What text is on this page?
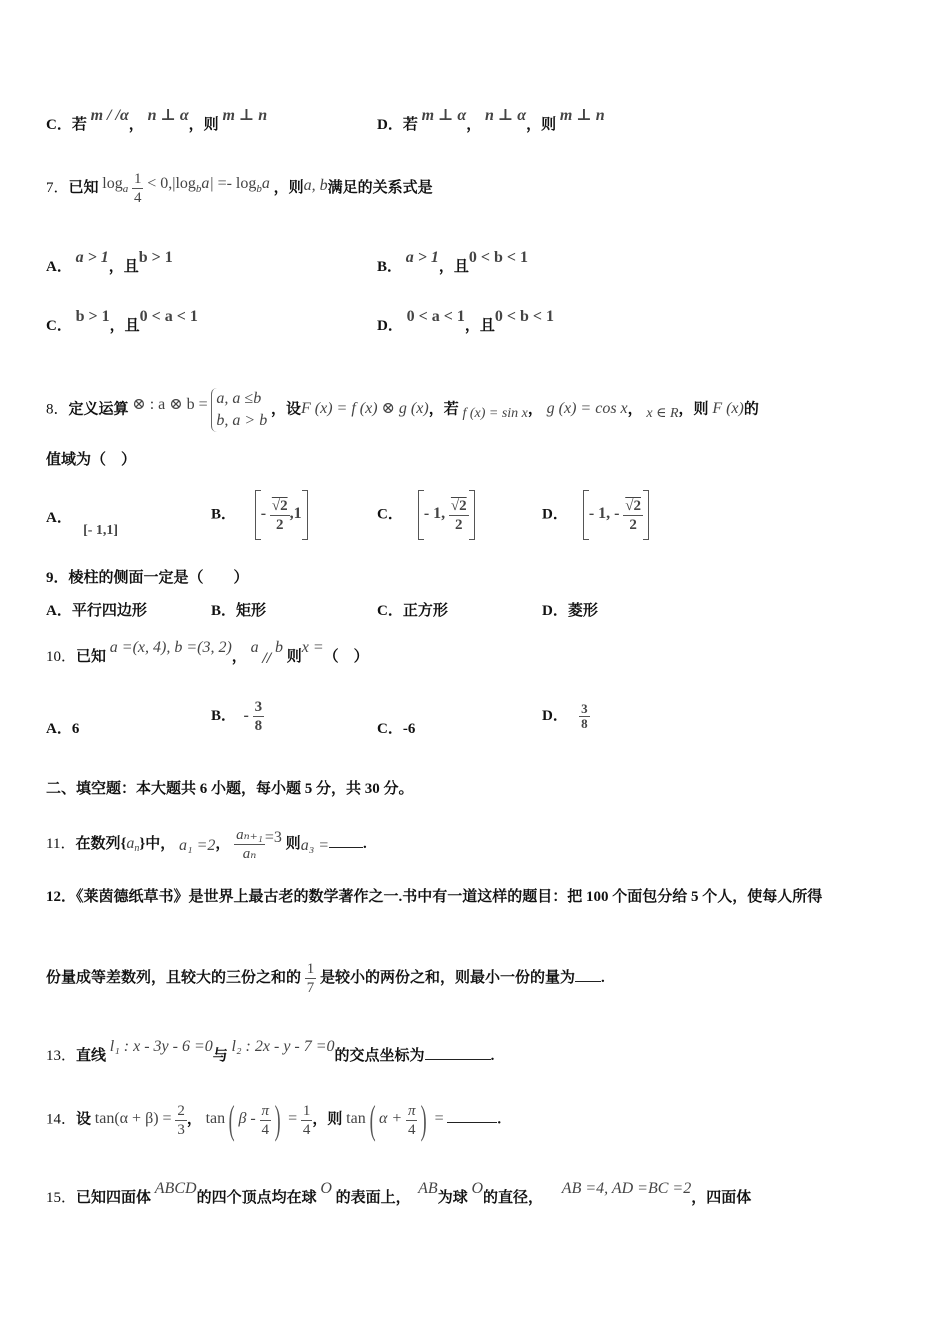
C．若 m / /α， n ⊥ α，则 m ⊥ n
D．若 m ⊥ α， n ⊥ α，则 m ⊥ n
7．已知 loga $\frac{1}{4}$ < 0,|logba| =- logba ，则a, b满足的关系式是
A． a > 1，且b > 1
B． a > 1，且0 < b < 1
C． b > 1，且0 < a < 1
D． 0 < a < 1，且0 < b < 1
8．定义运算 ⊗ : a ⊗ b = a, a ≤b
b, a > b
，设F (x) = f (x) ⊗ g (x)，若 f (x) = sin x， g (x) = cos x， x ∈ R，则 F (x)的
值域为（　）
A．   [- 1,1]
B． - $\frac{√2}{2} ,1$	C． - 1, $\frac{√2}{2}$	D． - 1, - $\frac{√2}{2}$
9．棱柱的侧面一定是（　　）
A．平行四边形	B．矩形	C．正方形	D．菱形
10．已知 a =(x, 4), b =(3, 2)， a // b 则x =（　）
A．6
B． - $\frac{3}{8}$	C．-6
D． $\frac{3}{8}$
二、填空题：本大题共 6 小题，每小题 5 分，共 30 分。
11．在数列$\{a_n\}$中， a₁ =2， $\frac{\text{aₙ₊₁}}{\text{aₙ}} =3$ 则a₃ = .
12．《莱茵德纸草书》是世界上最古老的数学著作之一.书中有一道这样的题目：把 100 个面包分给 5 个人，使每人所得
份量成等差数列，且较大的三份之和的 $\frac{1}{7}$ 是较小的两份之和，则最小一份的量为 .
13．直线 l₁ : x - 3y - 6 =0与 l₂ : 2x - y - 7 =0的交点坐标为	.
14．设 $\tan(\alpha + \beta) = \frac{2}{3}$ ， tan( β - $\frac{\pi}{4}$ ) = $\frac{1}{4}$ ，则 tan( $\alpha + \frac{\pi}{4}$ ) =	.
15．已知四面体 ABCD的四个顶点均在球 O 的表面上，  AB为球 O的直径，     AB =4, AD =BC =2，四面体
